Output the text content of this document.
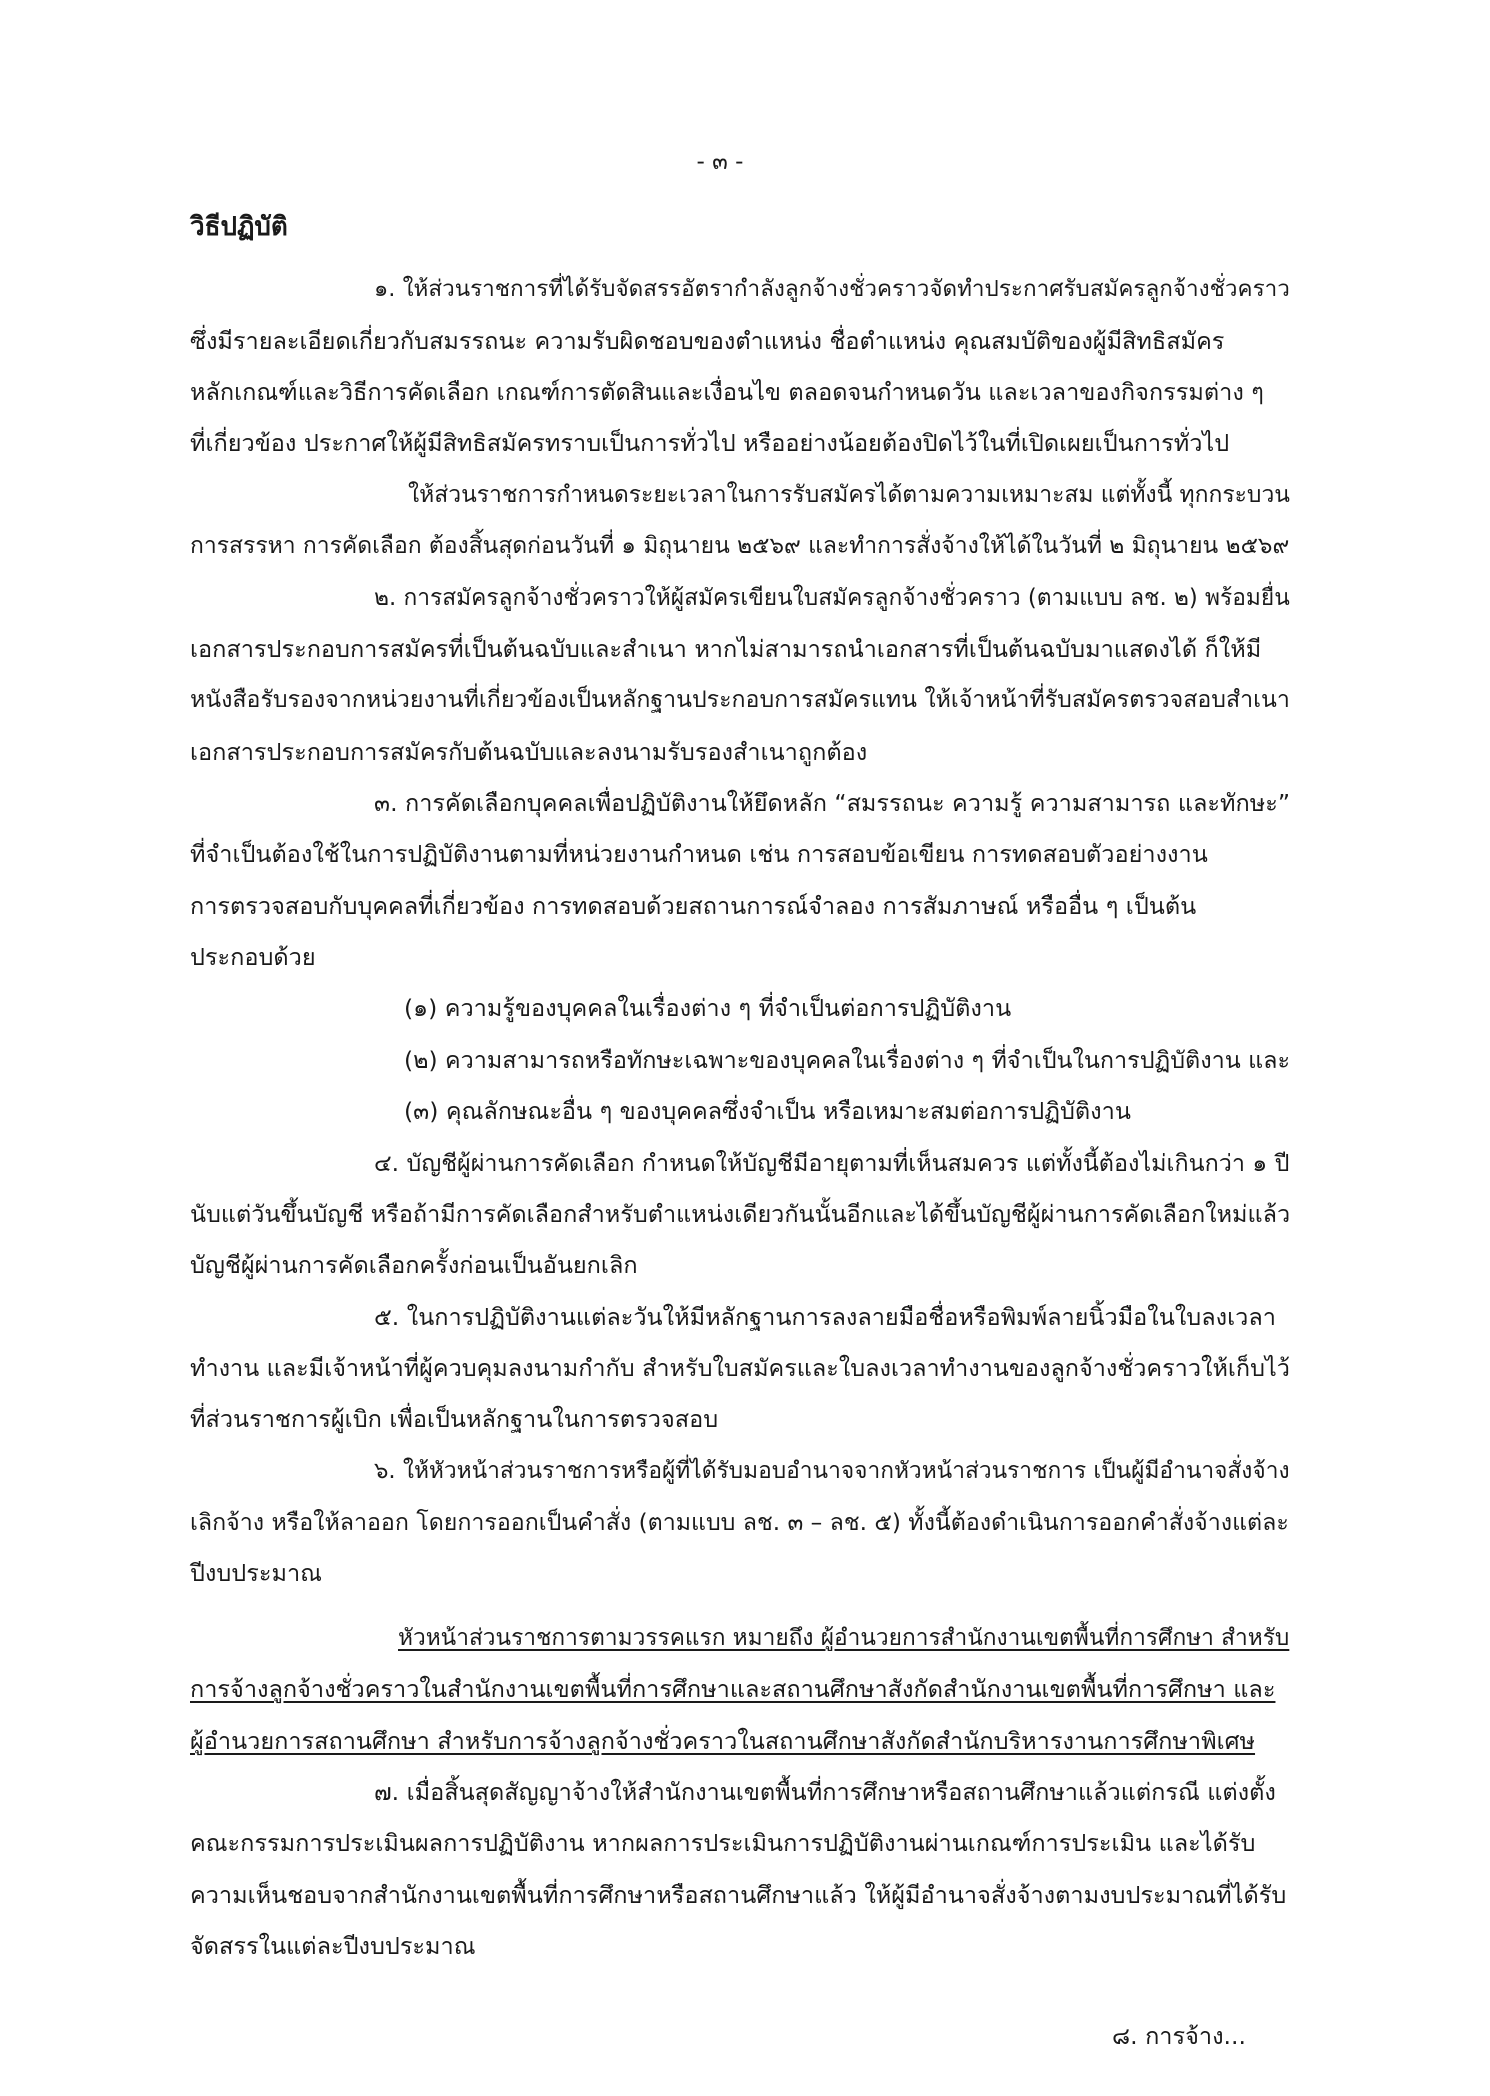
- ๓ -
วิธีปฏิบัติ
๑. ให้ส่วนราชการที่ได้รับจัดสรรอัตรากำลังลูกจ้างชั่วคราวจัดทำประกาศรับสมัครลูกจ้างชั่วคราว
ซึ่งมีรายละเอียดเกี่ยวกับสมรรถนะ ความรับผิดชอบของตำแหน่ง ชื่อตำแหน่ง คุณสมบัติของผู้มีสิทธิสมัคร
หลักเกณฑ์และวิธีการคัดเลือก เกณฑ์การตัดสินและเงื่อนไข ตลอดจนกำหนดวัน และเวลาของกิจกรรมต่าง ๆ
ที่เกี่ยวข้อง ประกาศให้ผู้มีสิทธิสมัครทราบเป็นการทั่วไป หรืออย่างน้อยต้องปิดไว้ในที่เปิดเผยเป็นการทั่วไป
ให้ส่วนราชการกำหนดระยะเวลาในการรับสมัครได้ตามความเหมาะสม แต่ทั้งนี้ ทุกกระบวน
การสรรหา การคัดเลือก ต้องสิ้นสุดก่อนวันที่ ๑ มิถุนายน ๒๕๖๙ และทำการสั่งจ้างให้ได้ในวันที่ ๒ มิถุนายน ๒๕๖๙
๒. การสมัครลูกจ้างชั่วคราวให้ผู้สมัครเขียนใบสมัครลูกจ้างชั่วคราว (ตามแบบ ลช. ๒) พร้อมยื่น
เอกสารประกอบการสมัครที่เป็นต้นฉบับและสำเนา หากไม่สามารถนำเอกสารที่เป็นต้นฉบับมาแสดงได้ ก็ให้มี
หนังสือรับรองจากหน่วยงานที่เกี่ยวข้องเป็นหลักฐานประกอบการสมัครแทน ให้เจ้าหน้าที่รับสมัครตรวจสอบสำเนา
เอกสารประกอบการสมัครกับต้นฉบับและลงนามรับรองสำเนาถูกต้อง
๓. การคัดเลือกบุคคลเพื่อปฏิบัติงานให้ยึดหลัก “สมรรถนะ ความรู้ ความสามารถ และทักษะ”
ที่จำเป็นต้องใช้ในการปฏิบัติงานตามที่หน่วยงานกำหนด เช่น การสอบข้อเขียน การทดสอบตัวอย่างงาน
การตรวจสอบกับบุคคลที่เกี่ยวข้อง การทดสอบด้วยสถานการณ์จำลอง การสัมภาษณ์ หรืออื่น ๆ เป็นต้น
ประกอบด้วย
(๑) ความรู้ของบุคคลในเรื่องต่าง ๆ ที่จำเป็นต่อการปฏิบัติงาน
(๒) ความสามารถหรือทักษะเฉพาะของบุคคลในเรื่องต่าง ๆ ที่จำเป็นในการปฏิบัติงาน และ
(๓) คุณลักษณะอื่น ๆ ของบุคคลซึ่งจำเป็น หรือเหมาะสมต่อการปฏิบัติงาน
๔. บัญชีผู้ผ่านการคัดเลือก กำหนดให้บัญชีมีอายุตามที่เห็นสมควร แต่ทั้งนี้ต้องไม่เกินกว่า ๑ ปี
นับแต่วันขึ้นบัญชี หรือถ้ามีการคัดเลือกสำหรับตำแหน่งเดียวกันนั้นอีกและได้ขึ้นบัญชีผู้ผ่านการคัดเลือกใหม่แล้ว
บัญชีผู้ผ่านการคัดเลือกครั้งก่อนเป็นอันยกเลิก
๕. ในการปฏิบัติงานแต่ละวันให้มีหลักฐานการลงลายมือชื่อหรือพิมพ์ลายนิ้วมือในใบลงเวลา
ทำงาน และมีเจ้าหน้าที่ผู้ควบคุมลงนามกำกับ สำหรับใบสมัครและใบลงเวลาทำงานของลูกจ้างชั่วคราวให้เก็บไว้
ที่ส่วนราชการผู้เบิก เพื่อเป็นหลักฐานในการตรวจสอบ
๖. ให้หัวหน้าส่วนราชการหรือผู้ที่ได้รับมอบอำนาจจากหัวหน้าส่วนราชการ เป็นผู้มีอำนาจสั่งจ้าง
เลิกจ้าง หรือให้ลาออก โดยการออกเป็นคำสั่ง (ตามแบบ ลช. ๓ – ลช. ๕) ทั้งนี้ต้องดำเนินการออกคำสั่งจ้างแต่ละ
ปีงบประมาณ
หัวหน้าส่วนราชการตามวรรคแรก หมายถึง ผู้อำนวยการสำนักงานเขตพื้นที่การศึกษา สำหรับ
การจ้างลูกจ้างชั่วคราวในสำนักงานเขตพื้นที่การศึกษาและสถานศึกษาสังกัดสำนักงานเขตพื้นที่การศึกษา และ
ผู้อำนวยการสถานศึกษา สำหรับการจ้างลูกจ้างชั่วคราวในสถานศึกษาสังกัดสำนักบริหารงานการศึกษาพิเศษ
๗. เมื่อสิ้นสุดสัญญาจ้างให้สำนักงานเขตพื้นที่การศึกษาหรือสถานศึกษาแล้วแต่กรณี แต่งตั้ง
คณะกรรมการประเมินผลการปฏิบัติงาน หากผลการประเมินการปฏิบัติงานผ่านเกณฑ์การประเมิน และได้รับ
ความเห็นชอบจากสำนักงานเขตพื้นที่การศึกษาหรือสถานศึกษาแล้ว ให้ผู้มีอำนาจสั่งจ้างตามงบประมาณที่ได้รับ
จัดสรรในแต่ละปีงบประมาณ
๘. การจ้าง...
